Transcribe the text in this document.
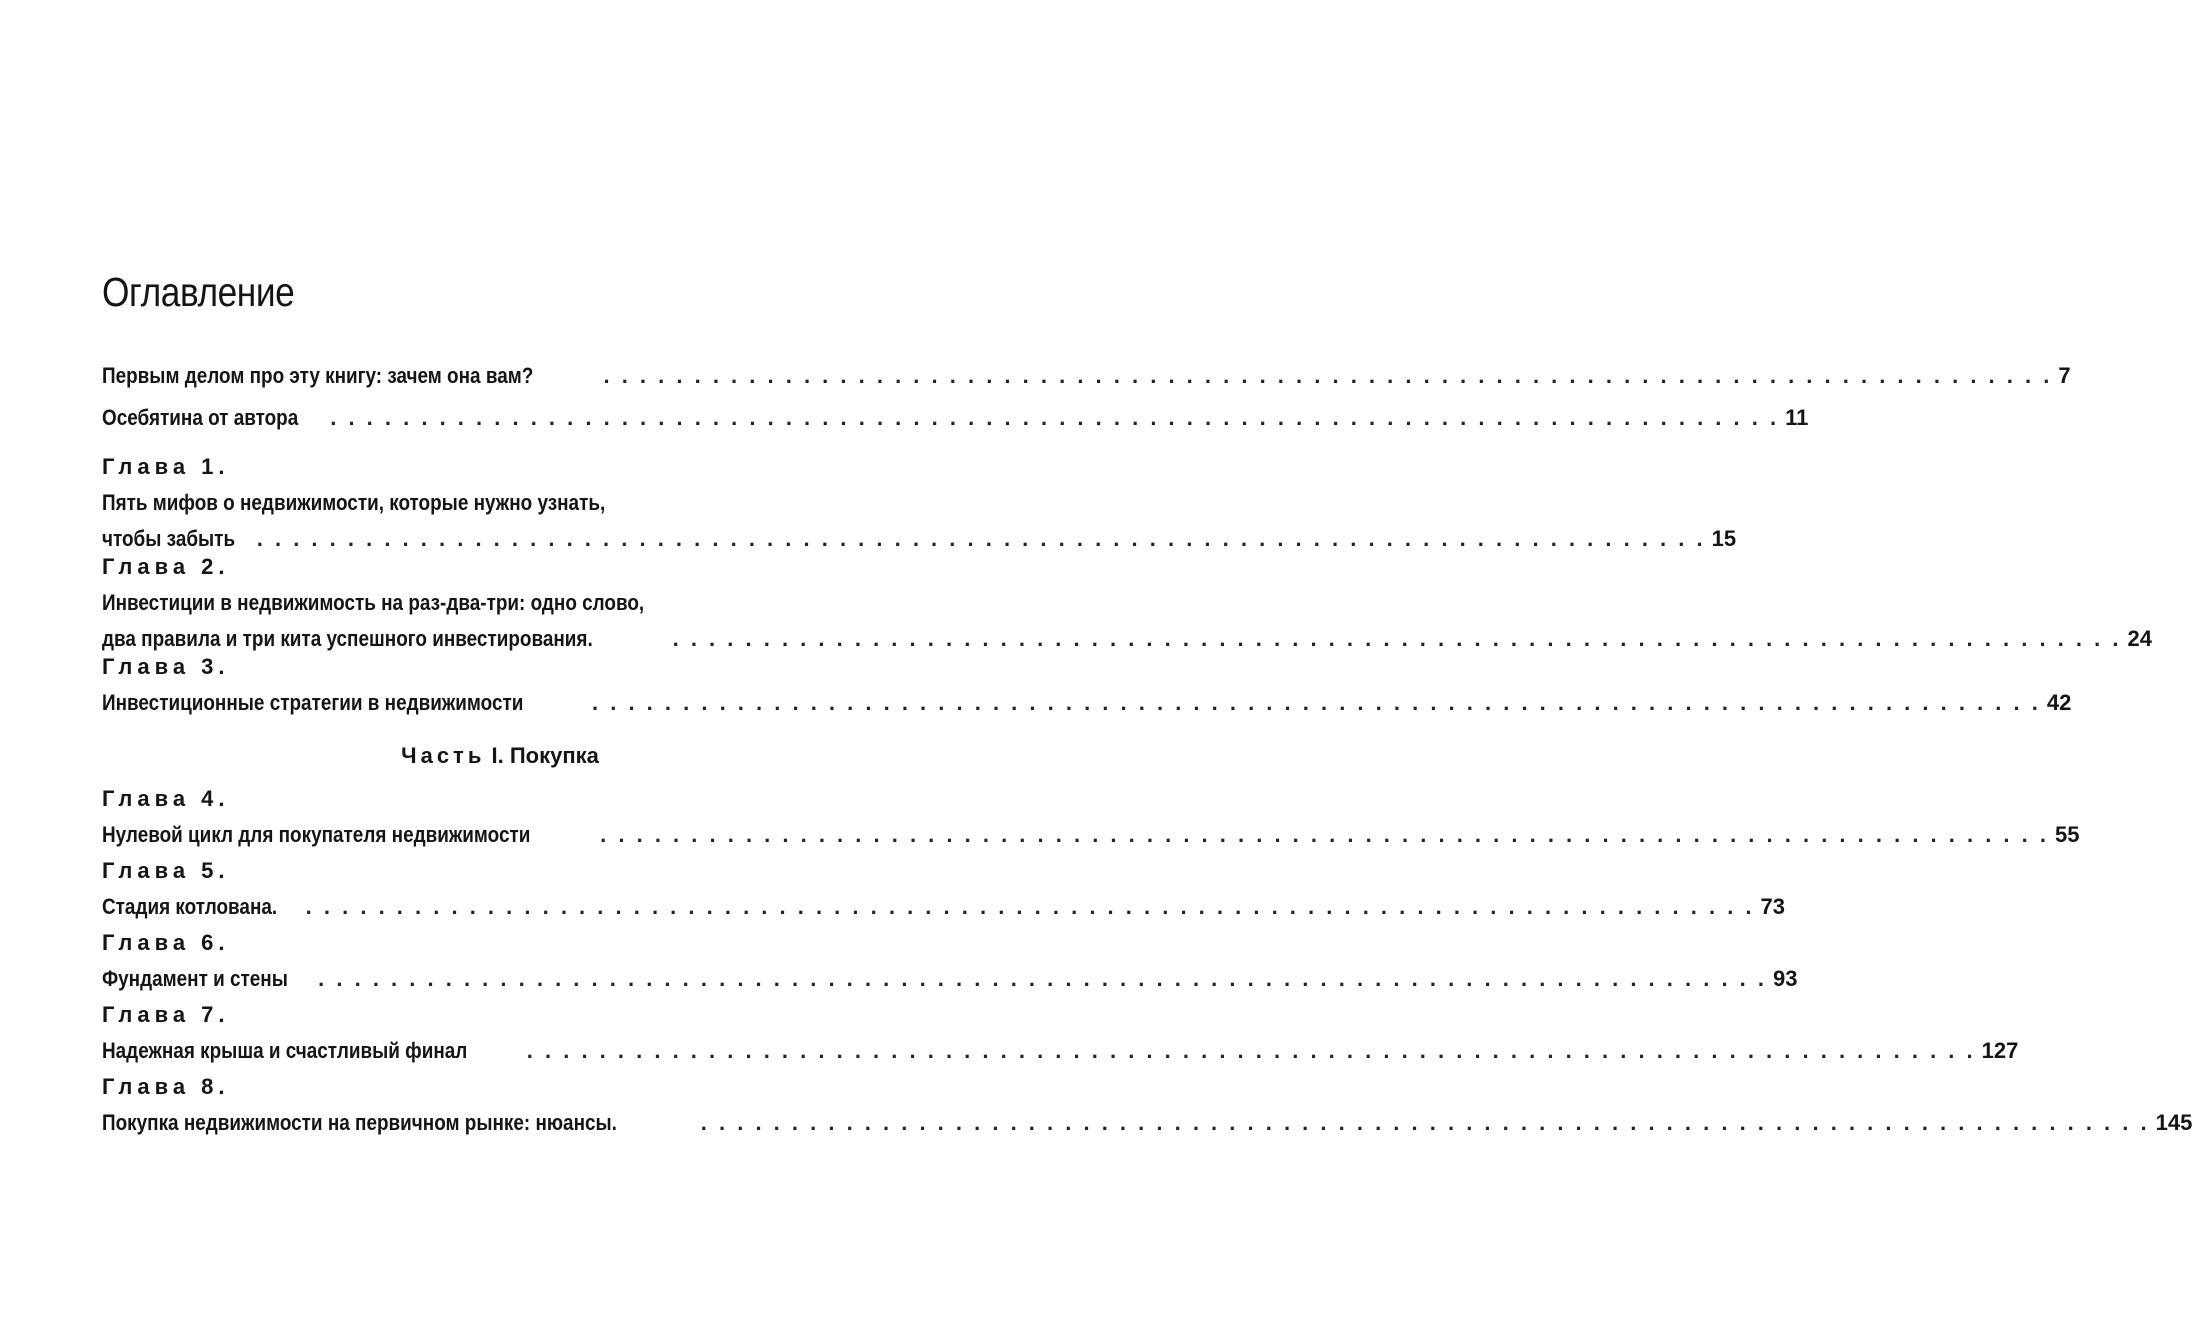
Оглавление
Первым делом про эту книгу: зачем она вам?	. . . . . . . . . . . . . . . . . . . . . . . . . . . . . . . . . . . . . . . . . . . . . . . . . . . . . . . . . . . . . . . . . . . . . . . . . . . . . . . . 7
Осебятина от автора	. . . . . . . . . . . . . . . . . . . . . . . . . . . . . . . . . . . . . . . . . . . . . . . . . . . . . . . . . . . . . . . . . . . . . . . . . . . . . . . . 11
Глава 1.
Пять мифов о недвижимости, которые нужно узнать,
чтобы забыть . . . . . . . . . . . . . . . . . . . . . . . . . . . . . . . . . . . . . . . . . . . . . . . . . . . . . . . . . . . . . . . . . . . . . . . . . . . . . . . . 15
Глава 2.
Инвестиции в недвижимость на раз-два-три: одно слово,
два правила и три кита успешного инвестирования.	. . . . . . . . . . . . . . . . . . . . . . . . . . . . . . . . . . . . . . . . . . . . . . . . . . . . . . . . . . . . . . . . . . . . . . . . . . . . . . . . 24
Глава 3.
Инвестиционные стратегии в недвижимости	. . . . . . . . . . . . . . . . . . . . . . . . . . . . . . . . . . . . . . . . . . . . . . . . . . . . . . . . . . . . . . . . . . . . . . . . . . . . . . . . 42
Часть I. Покупка
Глава 4.
Нулевой цикл для покупателя недвижимости	. . . . . . . . . . . . . . . . . . . . . . . . . . . . . . . . . . . . . . . . . . . . . . . . . . . . . . . . . . . . . . . . . . . . . . . . . . . . . . . . 55
Глава 5.
Стадия котлована.	. . . . . . . . . . . . . . . . . . . . . . . . . . . . . . . . . . . . . . . . . . . . . . . . . . . . . . . . . . . . . . . . . . . . . . . . . . . . . . . . 73
Глава 6.
Фундамент и стены	. . . . . . . . . . . . . . . . . . . . . . . . . . . . . . . . . . . . . . . . . . . . . . . . . . . . . . . . . . . . . . . . . . . . . . . . . . . . . . . . 93
Глава 7.
Надежная крыша и счастливый финал	. . . . . . . . . . . . . . . . . . . . . . . . . . . . . . . . . . . . . . . . . . . . . . . . . . . . . . . . . . . . . . . . . . . . . . . . . . . . . . . . 127
Глава 8.
Покупка недвижимости на первичном рынке: нюансы.	. . . . . . . . . . . . . . . . . . . . . . . . . . . . . . . . . . . . . . . . . . . . . . . . . . . . . . . . . . . . . . . . . . . . . . . . . . . . . . . . 145
